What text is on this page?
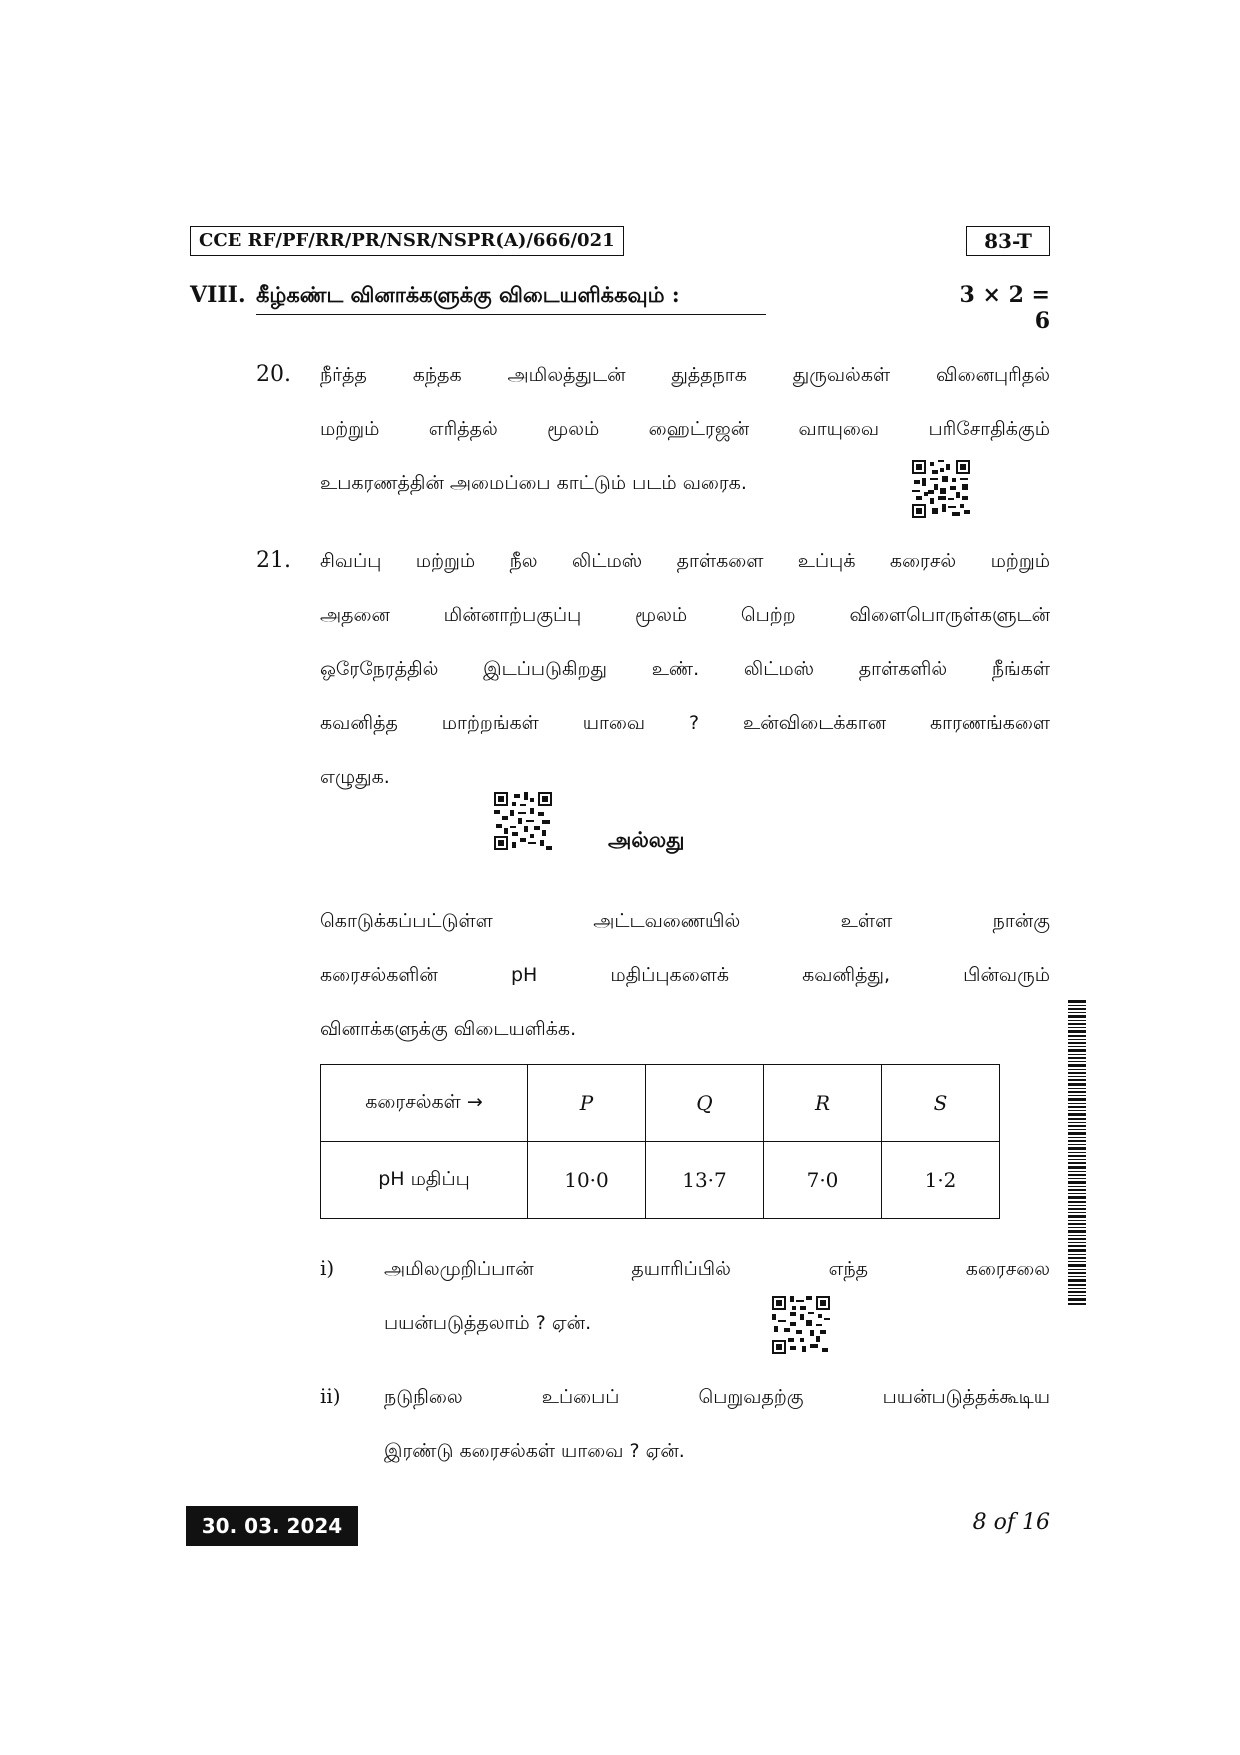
CCE RF/PF/RR/PR/NSR/NSPR(A)/666/021	83-T
VIII. கீழ்கண்ட வினாக்களுக்கு விடையளிக்கவும் :	3 × 2 = 6
20. நீர்த்த கந்தக அமிலத்துடன் துத்தநாக துருவல்கள் வினைபுரிதல்
மற்றும் எரித்தல் மூலம் ஹைட்ரஜன் வாயுவை பரிசோதிக்கும்
உபகரணத்தின் அமைப்பை காட்டும் படம் வரைக.
21. சிவப்பு மற்றும் நீல லிட்மஸ் தாள்களை உப்புக் கரைசல் மற்றும்
அதனை மின்னாற்பகுப்பு மூலம் பெற்ற விளைபொருள்களுடன்
ஒரேநேரத்தில் இடப்படுகிறது உண். லிட்மஸ் தாள்களில் நீங்கள்
கவனித்த மாற்றங்கள் யாவை ? உன்விடைக்கான காரணங்களை
எழுதுக.
அல்லது
கொடுக்கப்பட்டுள்ள அட்டவணையில் உள்ள நான்கு
கரைசல்களின் pH மதிப்புகளைக் கவனித்து, பின்வரும்
வினாக்களுக்கு விடையளிக்க.
கரைசல்கள் →	P	Q	R	S
pH மதிப்பு	10·0	13·7	7·0	1·2
i)	அமிலமுறிப்பான் தயாரிப்பில் எந்த கரைசலை
பயன்படுத்தலாம் ? ஏன்.
ii) நடுநிலை உப்பைப் பெறுவதற்கு பயன்படுத்தக்கூடிய
இரண்டு கரைசல்கள் யாவை ? ஏன்.
30. 03. 2024	8 of 16
